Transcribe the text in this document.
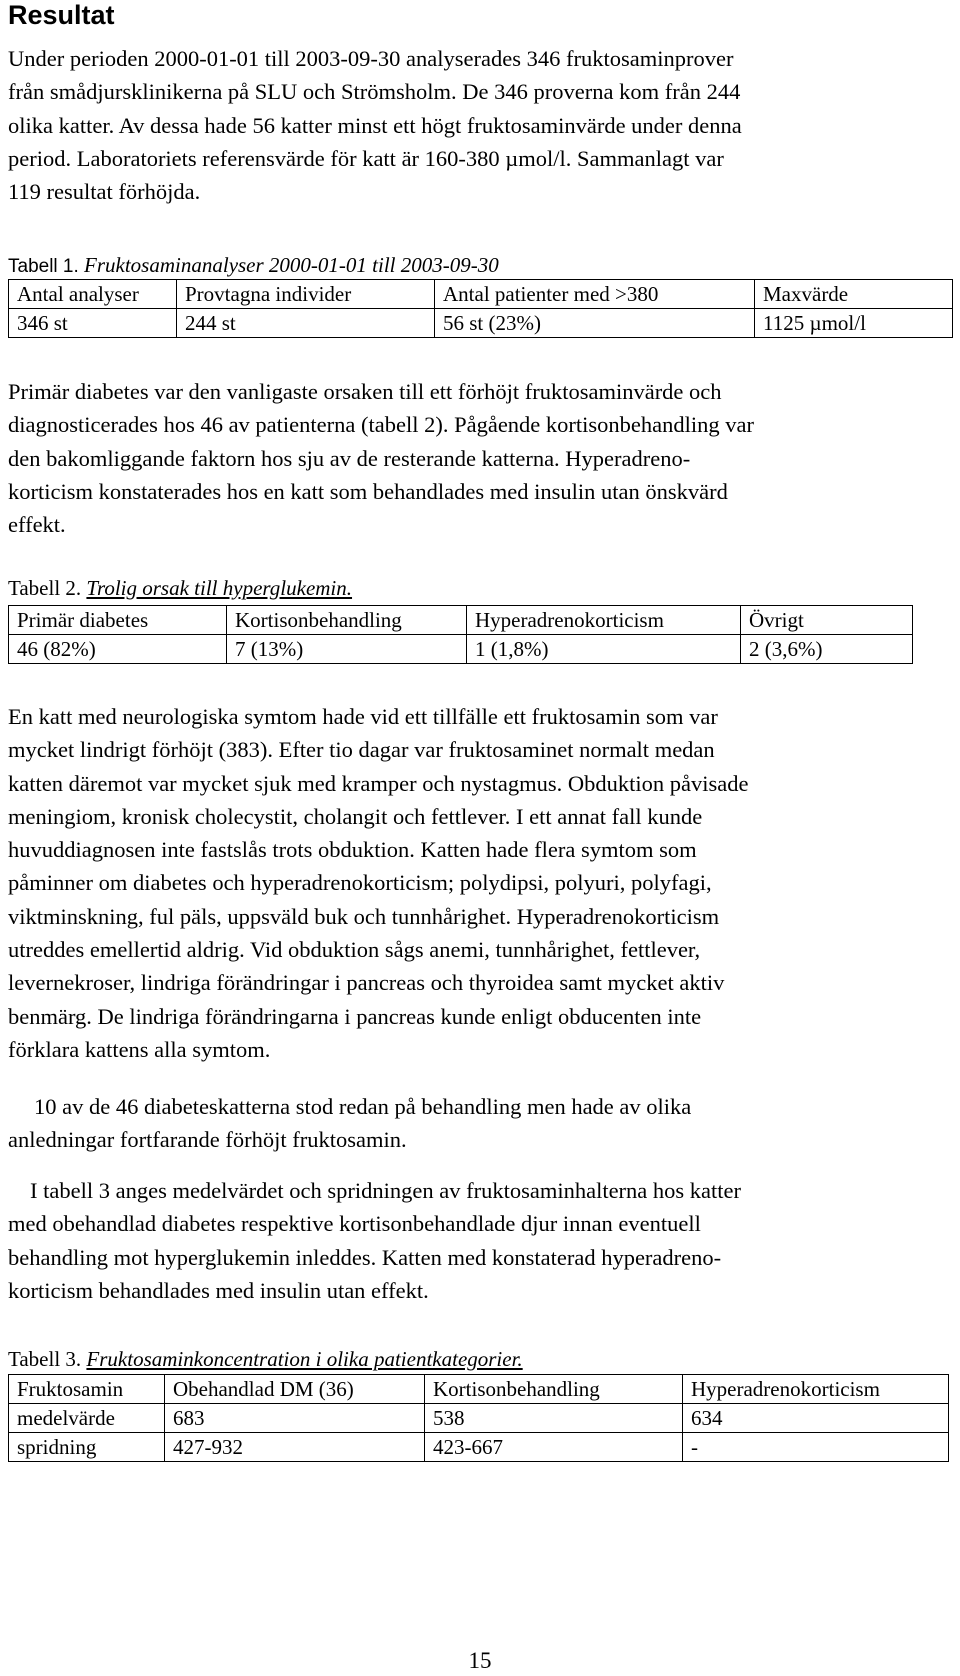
Resultat
Under perioden 2000-01-01 till 2003-09-30 analyserades 346 fruktosaminprover
från smådjursklinikerna på SLU och Strömsholm. De 346 proverna kom från 244
olika katter. Av dessa hade 56 katter minst ett högt fruktosaminvärde under denna
period. Laboratoriets referensvärde för katt är 160-380 µmol/l. Sammanlagt var
119 resultat förhöjda.
Tabell 1. Fruktosaminanalyser 2000-01-01 till 2003-09-30
Antal analyser	Provtagna individer	Antal patienter med >380	Maxvärde
346 st	244 st	56 st (23%)	1125 µmol/l
Primär diabetes var den vanligaste orsaken till ett förhöjt fruktosaminvärde och
diagnosticerades hos 46 av patienterna (tabell 2). Pågående kortisonbehandling var
den bakomliggande faktorn hos sju av de resterande katterna. Hyperadreno-
korticism konstaterades hos en katt som behandlades med insulin utan önskvärd
effekt.
Tabell 2. Trolig orsak till hyperglukemin.
Primär diabetes	Kortisonbehandling	Hyperadrenokorticism	Övrigt
46 (82%)	7 (13%)	1 (1,8%)	2 (3,6%)
En katt med neurologiska symtom hade vid ett tillfälle ett fruktosamin som var
mycket lindrigt förhöjt (383). Efter tio dagar var fruktosaminet normalt medan
katten däremot var mycket sjuk med kramper och nystagmus. Obduktion påvisade
meningiom, kronisk cholecystit, cholangit och fettlever. I ett annat fall kunde
huvuddiagnosen inte fastslås trots obduktion. Katten hade flera symtom som
påminner om diabetes och hyperadrenokorticism; polydipsi, polyuri, polyfagi,
viktminskning, ful päls, uppsväld buk och tunnhårighet. Hyperadrenokorticism
utreddes emellertid aldrig. Vid obduktion sågs anemi, tunnhårighet, fettlever,
levernekroser, lindriga förändringar i pancreas och thyroidea samt mycket aktiv
benmärg. De lindriga förändringarna i pancreas kunde enligt obducenten inte
förklara kattens alla symtom.
10 av de 46 diabeteskatterna stod redan på behandling men hade av olika
anledningar fortfarande förhöjt fruktosamin.
I tabell 3 anges medelvärdet och spridningen av fruktosaminhalterna hos katter
med obehandlad diabetes respektive kortisonbehandlade djur innan eventuell
behandling mot hyperglukemin inleddes. Katten med konstaterad hyperadreno-
korticism behandlades med insulin utan effekt.
Tabell 3. Fruktosaminkoncentration i olika patientkategorier.
Fruktosamin	Obehandlad DM (36)	Kortisonbehandling	Hyperadrenokorticism
medelvärde	683	538	634
spridning	427-932	423-667	-
15
